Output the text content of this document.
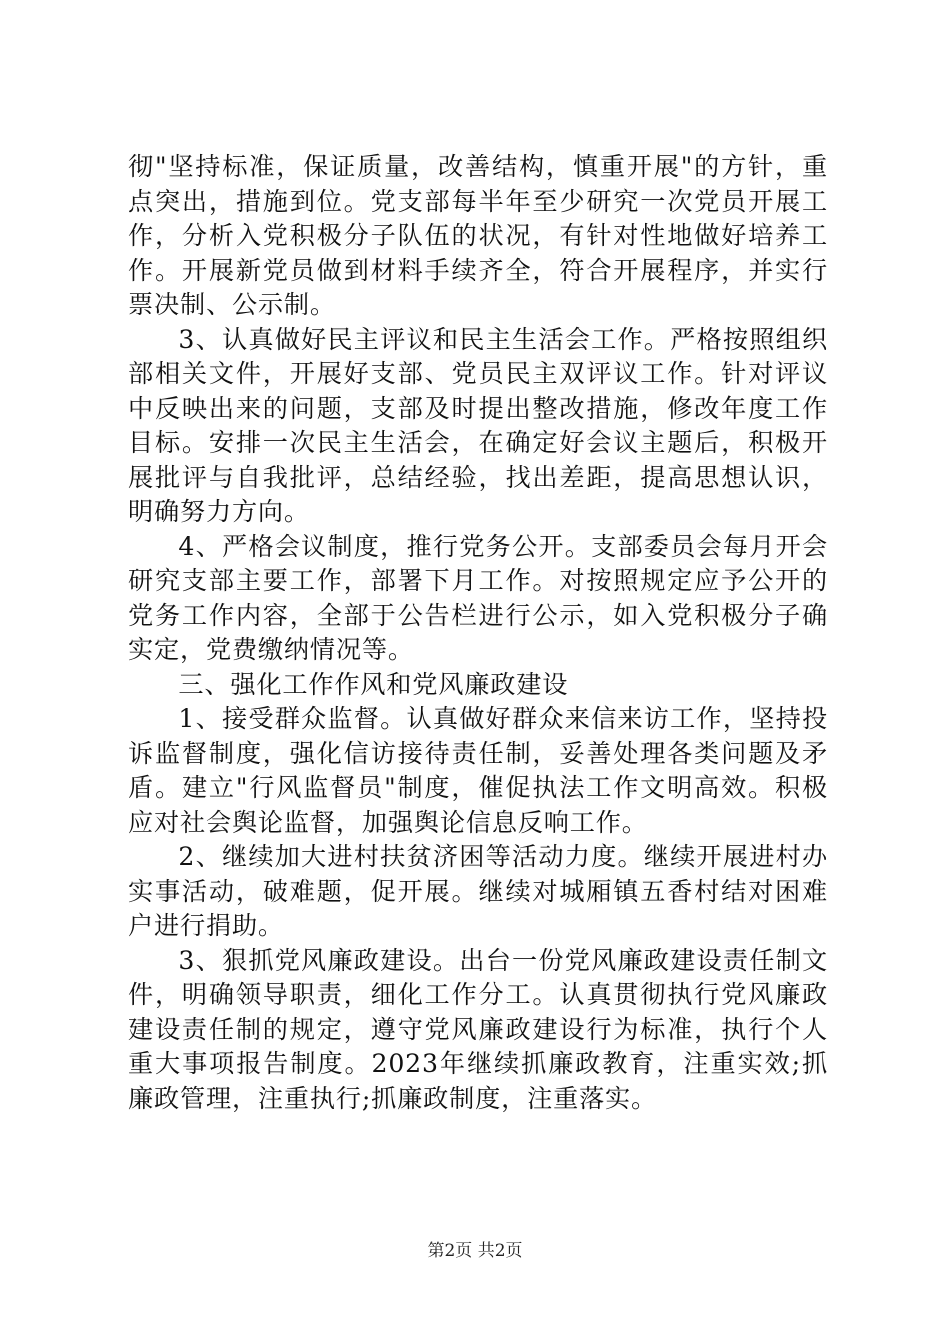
彻"坚持标准，保证质量，改善结构，慎重开展"的方针，重点突出，措施到位。党支部每半年至少研究一次党员开展工作，分析入党积极分子队伍的状况，有针对性地做好培养工作。开展新党员做到材料手续齐全，符合开展程序，并实行票决制、公示制。

3、认真做好民主评议和民主生活会工作。严格按照组织部相关文件，开展好支部、党员民主双评议工作。针对评议中反映出来的问题，支部及时提出整改措施，修改年度工作目标。安排一次民主生活会，在确定好会议主题后，积极开展批评与自我批评，总结经验，找出差距，提高思想认识，明确努力方向。

4、严格会议制度，推行党务公开。支部委员会每月开会研究支部主要工作，部署下月工作。对按照规定应予公开的党务工作内容，全部于公告栏进行公示，如入党积极分子确实定，党费缴纳情况等。

三、强化工作作风和党风廉政建设

1、接受群众监督。认真做好群众来信来访工作，坚持投诉监督制度，强化信访接待责任制，妥善处理各类问题及矛盾。建立"行风监督员"制度，催促执法工作文明高效。积极应对社会舆论监督，加强舆论信息反响工作。

2、继续加大进村扶贫济困等活动力度。继续开展进村办实事活动，破难题，促开展。继续对城厢镇五香村结对困难户进行捐助。

3、狠抓党风廉政建设。出台一份党风廉政建设责任制文件，明确领导职责，细化工作分工。认真贯彻执行党风廉政建设责任制的规定，遵守党风廉政建设行为标准，执行个人重大事项报告制度。2023年继续抓廉政教育，注重实效;抓廉政管理，注重执行;抓廉政制度，注重落实。

第2页 共2页
